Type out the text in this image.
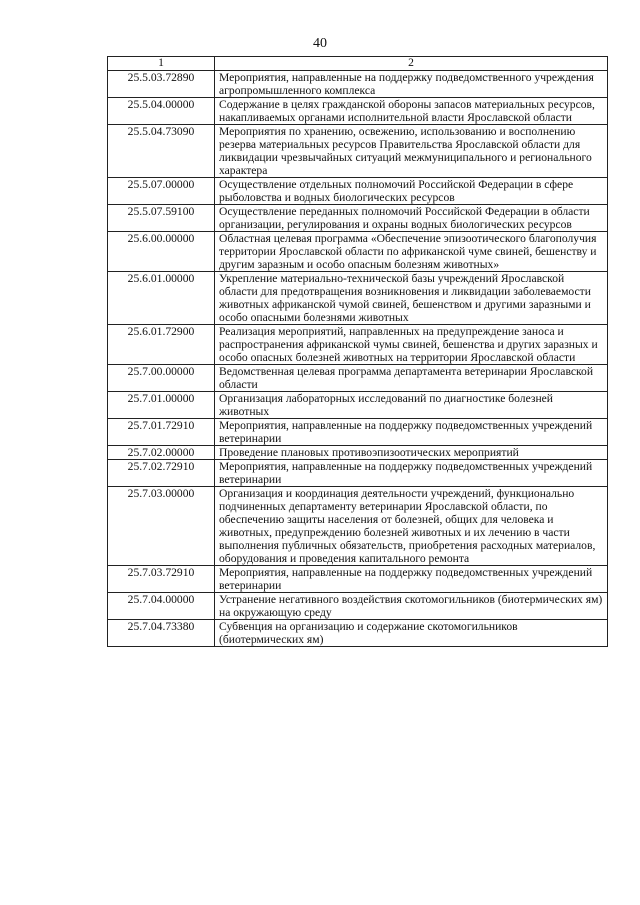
40
1	2
25.5.03.72890	Мероприятия, направленные на поддержку подведомственного учреждения агропромышленного комплекса
25.5.04.00000	Содержание в целях гражданской обороны запасов материальных ресурсов, накапливаемых органами исполнительной власти Ярославской области
25.5.04.73090	Мероприятия по хранению, освежению, использованию и восполнению резерва материальных ресурсов Правительства Ярославской области для ликвидации чрезвычайных ситуаций межмуниципального и регионального характера
25.5.07.00000	Осуществление отдельных полномочий Российской Федерации в сфере рыболовства и водных биологических ресурсов
25.5.07.59100	Осуществление переданных полномочий Российской Федерации в области организации, регулирования и охраны водных биологических ресурсов
25.6.00.00000	Областная целевая программа «Обеспечение эпизоотического благополучия территории Ярославской области по африканской чуме свиней, бешенству и другим заразным и особо опасным болезням животных»
25.6.01.00000	Укрепление материально-технической базы учреждений Ярославской области для предотвращения возникновения и ликвидации заболеваемости животных африканской чумой свиней, бешенством и другими заразными и особо опасными болезнями животных
25.6.01.72900	Реализация мероприятий, направленных на предупреждение заноса и распространения африканской чумы свиней, бешенства и других заразных и особо опасных болезней животных на территории Ярославской области
25.7.00.00000	Ведомственная целевая программа департамента ветеринарии Ярославской области
25.7.01.00000	Организация лабораторных исследований по диагностике болезней животных
25.7.01.72910	Мероприятия, направленные на поддержку подведомственных учреждений ветеринарии
25.7.02.00000	Проведение плановых противоэпизоотических мероприятий
25.7.02.72910	Мероприятия, направленные на поддержку подведомственных учреждений ветеринарии
25.7.03.00000	Организация и координация деятельности учреждений, функционально подчиненных департаменту ветеринарии Ярославской области, по обеспечению защиты населения от болезней, общих для человека и животных, предупреждению болезней животных и их лечению в части выполнения публичных обязательств, приобретения расходных материалов, оборудования и проведения капитального ремонта
25.7.03.72910	Мероприятия, направленные на поддержку подведомственных учреждений ветеринарии
25.7.04.00000	Устранение негативного воздействия скотомогильников (биотермических ям) на окружающую среду
25.7.04.73380	Субвенция на организацию и содержание скотомогильников (биотермических ям)
